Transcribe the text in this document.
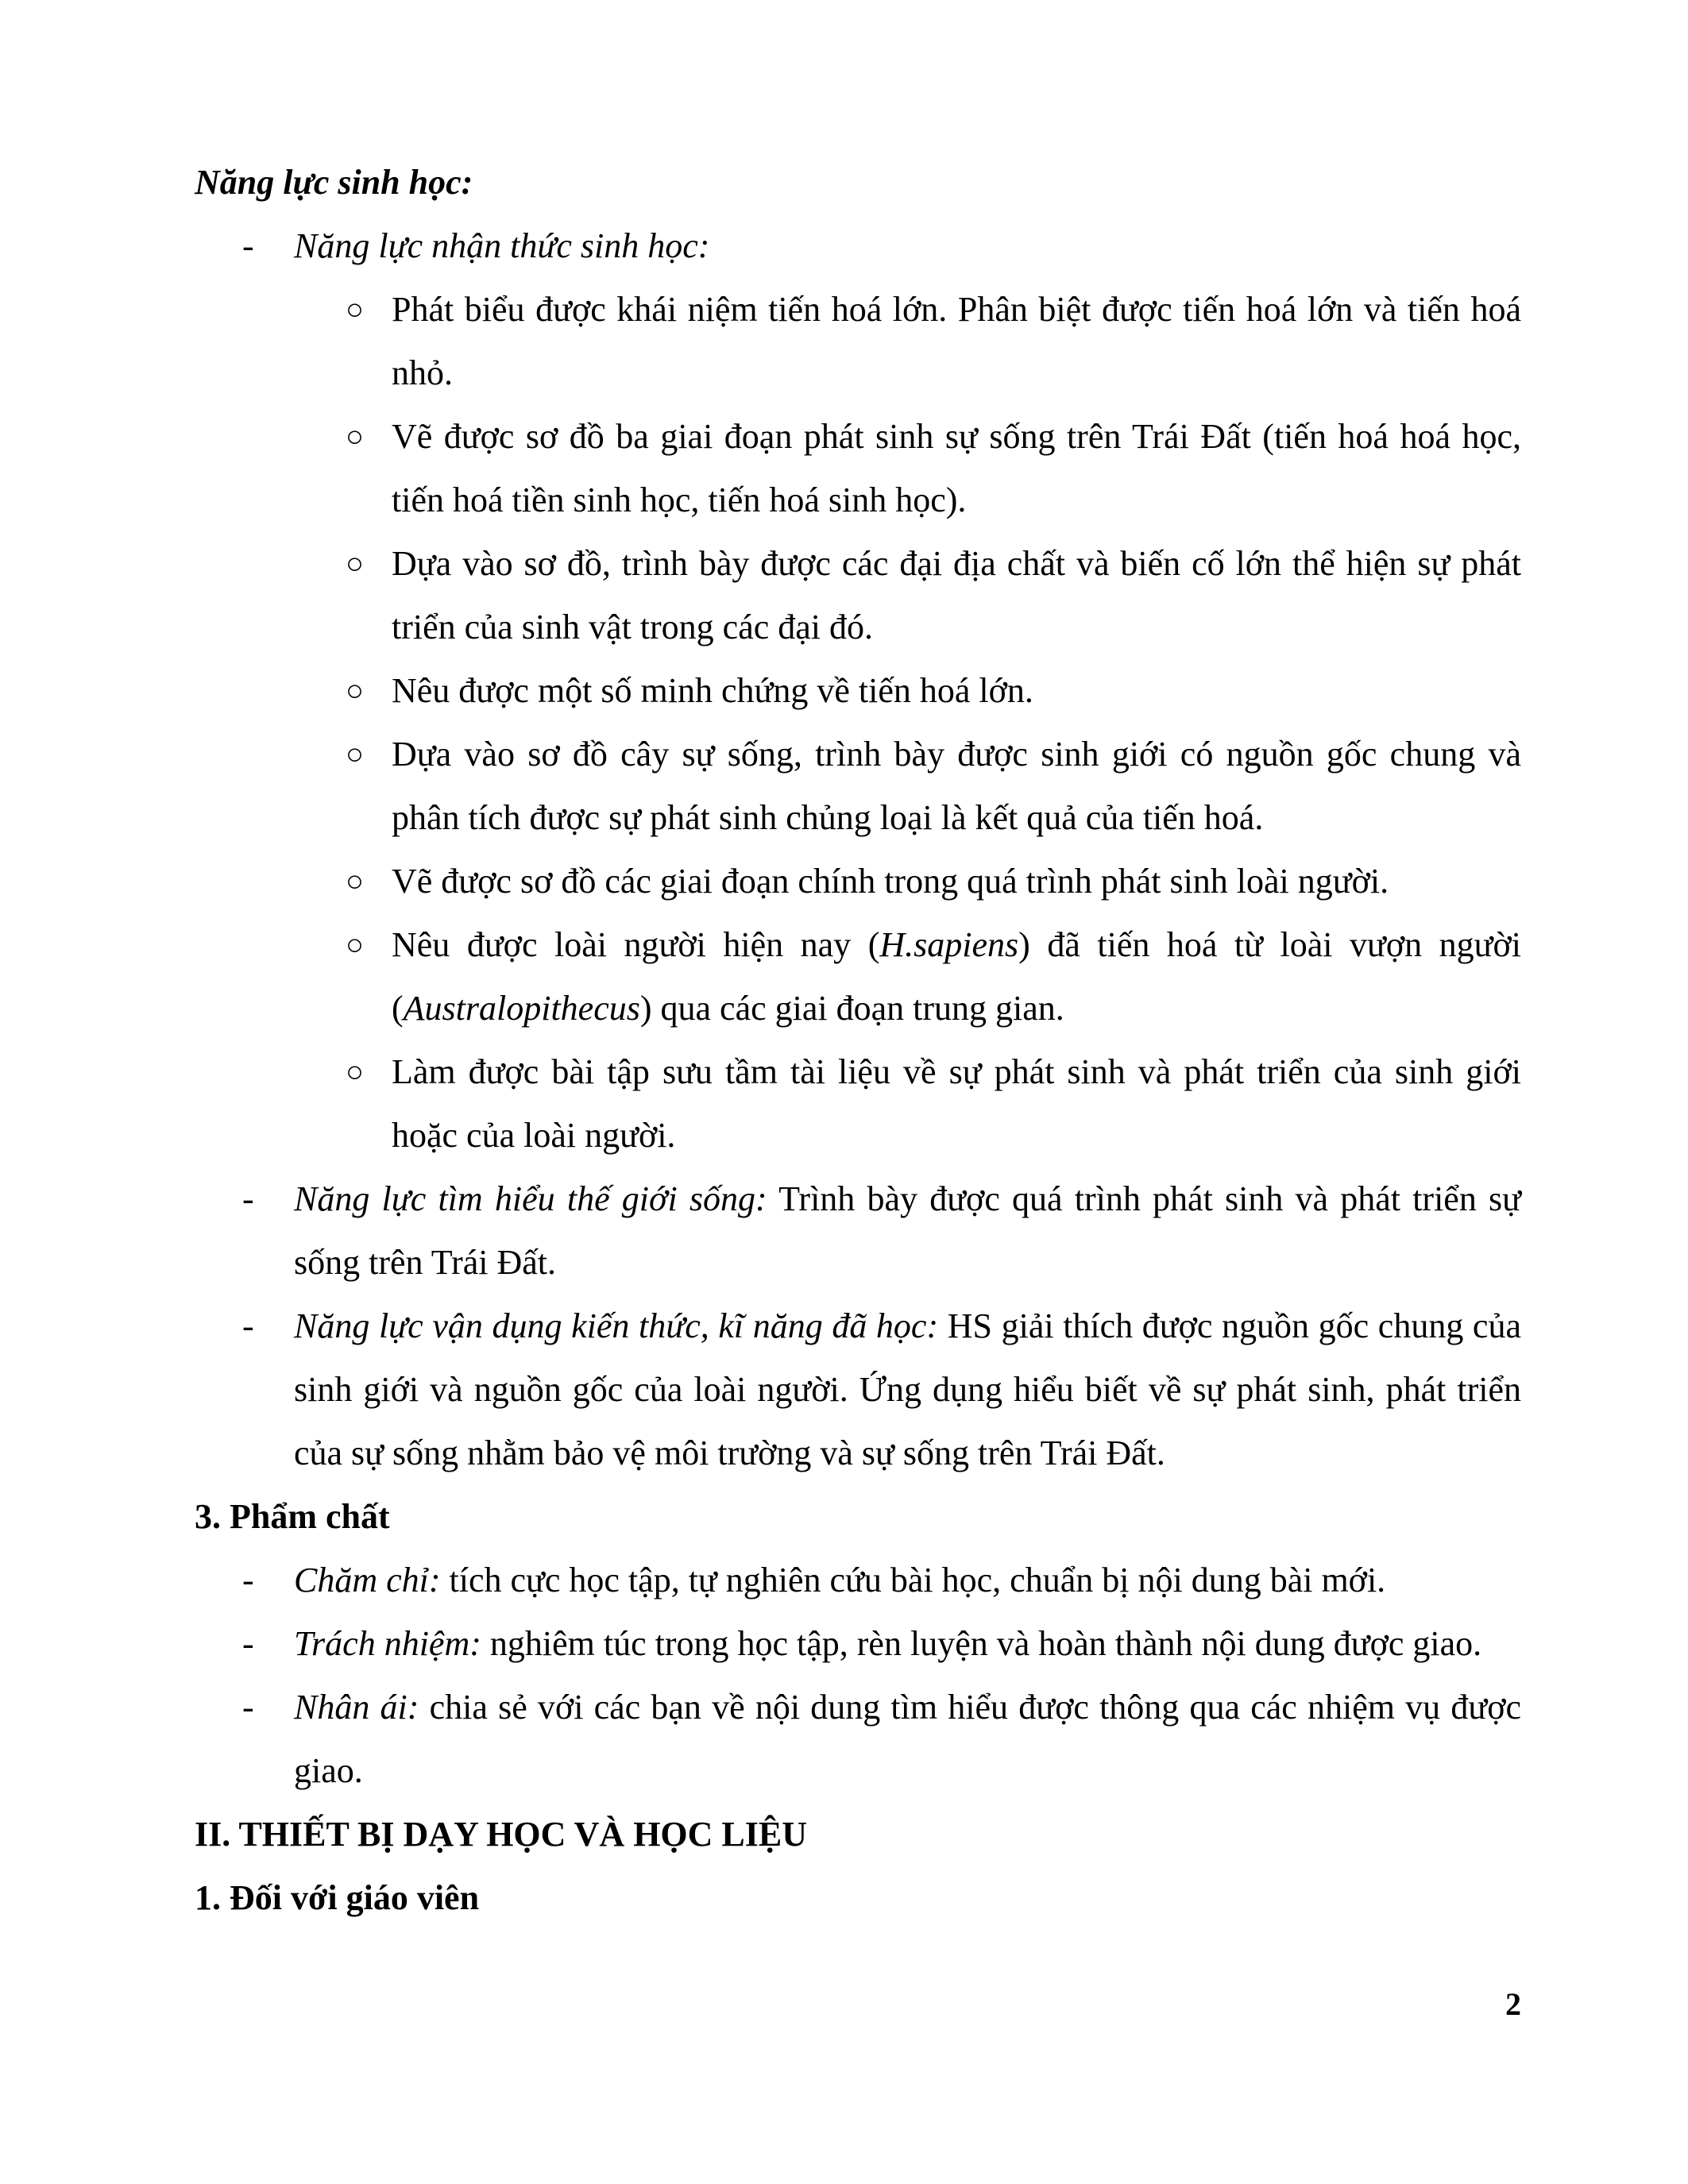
Năng lực sinh học:

- Năng lực nhận thức sinh học:

○ Phát biểu được khái niệm tiến hoá lớn. Phân biệt được tiến hoá lớn và tiến hoá nhỏ.

○ Vẽ được sơ đồ ba giai đoạn phát sinh sự sống trên Trái Đất (tiến hoá hoá học, tiến hoá tiền sinh học, tiến hoá sinh học).

○ Dựa vào sơ đồ, trình bày được các đại địa chất và biến cố lớn thể hiện sự phát triển của sinh vật trong các đại đó.

○ Nêu được một số minh chứng về tiến hoá lớn.

○ Dựa vào sơ đồ cây sự sống, trình bày được sinh giới có nguồn gốc chung và phân tích được sự phát sinh chủng loại là kết quả của tiến hoá.

○ Vẽ được sơ đồ các giai đoạn chính trong quá trình phát sinh loài người.

○ Nêu được loài người hiện nay (H.sapiens) đã tiến hoá từ loài vượn người (Australopithecus) qua các giai đoạn trung gian.

○ Làm được bài tập sưu tầm tài liệu về sự phát sinh và phát triển của sinh giới hoặc của loài người.

- Năng lực tìm hiểu thế giới sống: Trình bày được quá trình phát sinh và phát triển sự sống trên Trái Đất.

- Năng lực vận dụng kiến thức, kĩ năng đã học: HS giải thích được nguồn gốc chung của sinh giới và nguồn gốc của loài người. Ứng dụng hiểu biết về sự phát sinh, phát triển của sự sống nhằm bảo vệ môi trường và sự sống trên Trái Đất.

3. Phẩm chất

- Chăm chỉ: tích cực học tập, tự nghiên cứu bài học, chuẩn bị nội dung bài mới.

- Trách nhiệm: nghiêm túc trong học tập, rèn luyện và hoàn thành nội dung được giao.

- Nhân ái: chia sẻ với các bạn về nội dung tìm hiểu được thông qua các nhiệm vụ được giao.

II. THIẾT BỊ DẠY HỌC VÀ HỌC LIỆU

1. Đối với giáo viên

2
